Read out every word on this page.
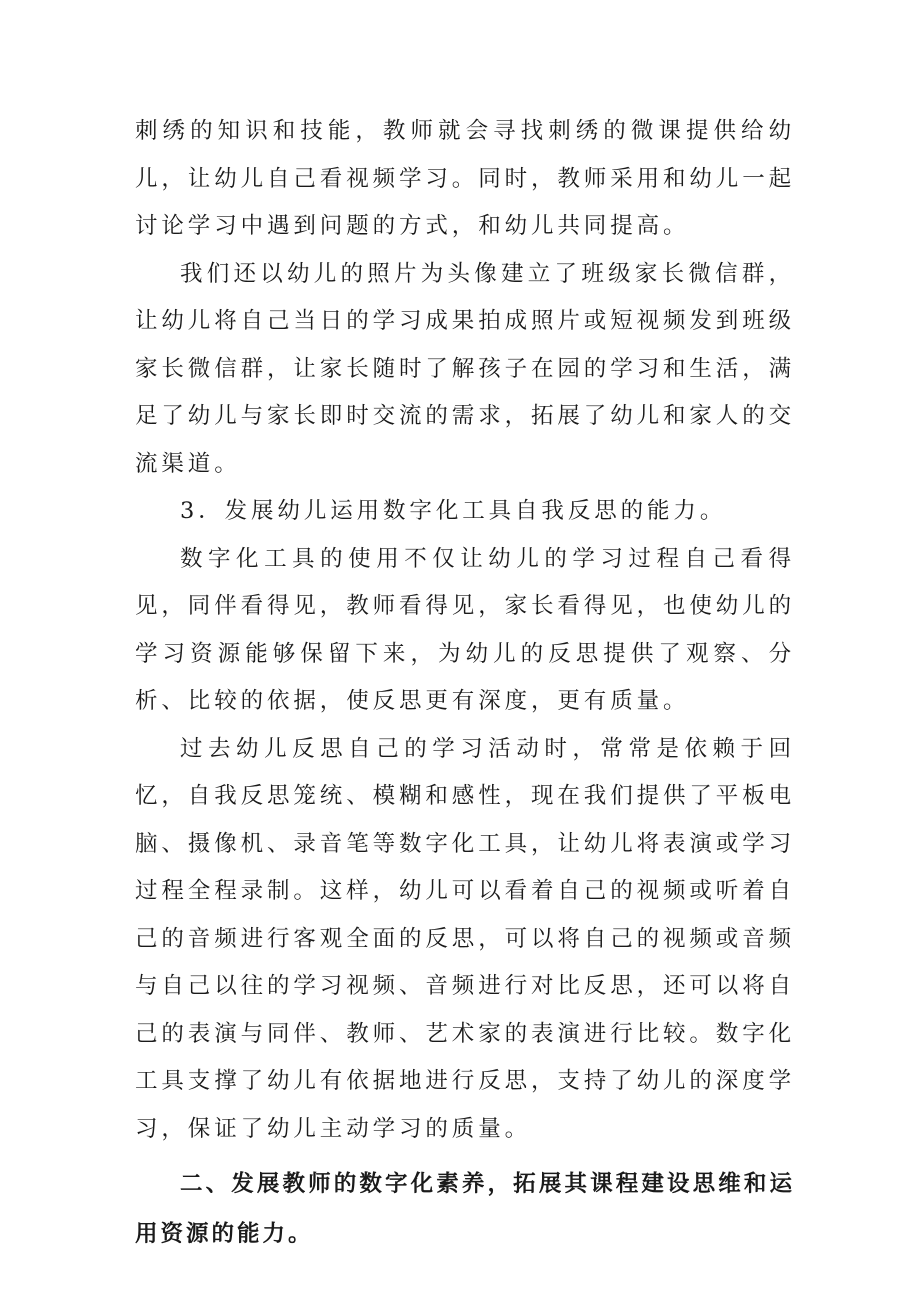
刺绣的知识和技能，教师就会寻找刺绣的微课提供给幼儿，让幼儿自己看视频学习。同时，教师采用和幼儿一起讨论学习中遇到问题的方式，和幼儿共同提高。

我们还以幼儿的照片为头像建立了班级家长微信群，让幼儿将自己当日的学习成果拍成照片或短视频发到班级家长微信群，让家长随时了解孩子在园的学习和生活，满足了幼儿与家长即时交流的需求，拓展了幼儿和家人的交流渠道。

3．发展幼儿运用数字化工具自我反思的能力。

数字化工具的使用不仅让幼儿的学习过程自己看得见，同伴看得见，教师看得见，家长看得见，也使幼儿的学习资源能够保留下来，为幼儿的反思提供了观察、分析、比较的依据，使反思更有深度，更有质量。

过去幼儿反思自己的学习活动时，常常是依赖于回忆，自我反思笼统、模糊和感性，现在我们提供了平板电脑、摄像机、录音笔等数字化工具，让幼儿将表演或学习过程全程录制。这样，幼儿可以看着自己的视频或听着自己的音频进行客观全面的反思，可以将自己的视频或音频与自己以往的学习视频、音频进行对比反思，还可以将自己的表演与同伴、教师、艺术家的表演进行比较。数字化工具支撑了幼儿有依据地进行反思，支持了幼儿的深度学习，保证了幼儿主动学习的质量。

二、发展教师的数字化素养，拓展其课程建设思维和运用资源的能力。
